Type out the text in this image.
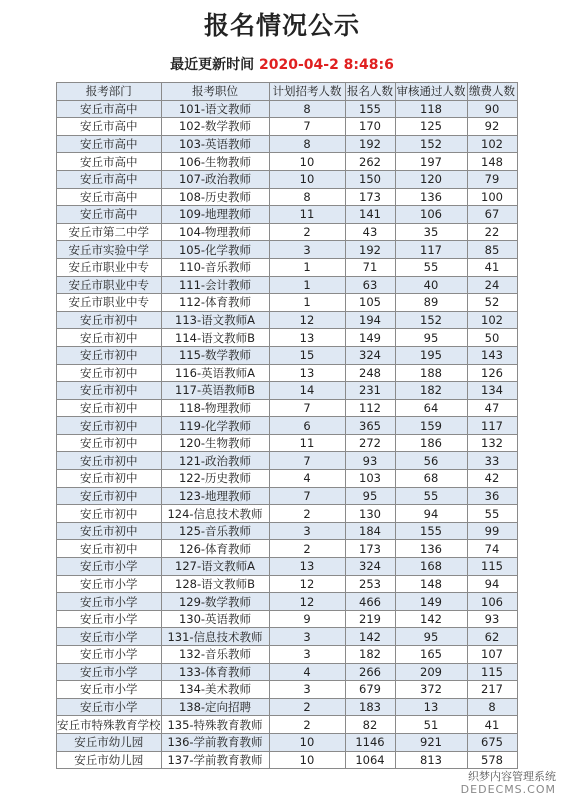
报名情况公示
最近更新时间 2020-04-2 8:48:6
报考部门	报考职位	计划招考人数	报名人数	审核通过人数	缴费人数
安丘市高中	101-语文教师	8	155	118	90
安丘市高中	102-数学教师	7	170	125	92
安丘市高中	103-英语教师	8	192	152	102
安丘市高中	106-生物教师	10	262	197	148
安丘市高中	107-政治教师	10	150	120	79
安丘市高中	108-历史教师	8	173	136	100
安丘市高中	109-地理教师	11	141	106	67
安丘市第二中学	104-物理教师	2	43	35	22
安丘市实验中学	105-化学教师	3	192	117	85
安丘市职业中专	110-音乐教师	1	71	55	41
安丘市职业中专	111-会计教师	1	63	40	24
安丘市职业中专	112-体育教师	1	105	89	52
安丘市初中	113-语文教师A	12	194	152	102
安丘市初中	114-语文教师B	13	149	95	50
安丘市初中	115-数学教师	15	324	195	143
安丘市初中	116-英语教师A	13	248	188	126
安丘市初中	117-英语教师B	14	231	182	134
安丘市初中	118-物理教师	7	112	64	47
安丘市初中	119-化学教师	6	365	159	117
安丘市初中	120-生物教师	11	272	186	132
安丘市初中	121-政治教师	7	93	56	33
安丘市初中	122-历史教师	4	103	68	42
安丘市初中	123-地理教师	7	95	55	36
安丘市初中	124-信息技术教师	2	130	94	55
安丘市初中	125-音乐教师	3	184	155	99
安丘市初中	126-体育教师	2	173	136	74
安丘市小学	127-语文教师A	13	324	168	115
安丘市小学	128-语文教师B	12	253	148	94
安丘市小学	129-数学教师	12	466	149	106
安丘市小学	130-英语教师	9	219	142	93
安丘市小学	131-信息技术教师	3	142	95	62
安丘市小学	132-音乐教师	3	182	165	107
安丘市小学	133-体育教师	4	266	209	115
安丘市小学	134-美术教师	3	679	372	217
安丘市小学	138-定向招聘	2	183	13	8
安丘市特殊教育学校	135-特殊教育教师	2	82	51	41
安丘市幼儿园	136-学前教育教师	10	1146	921	675
安丘市幼儿园	137-学前教育教师	10	1064	813	578
织梦内容管理系统
DEDECMS.COM
